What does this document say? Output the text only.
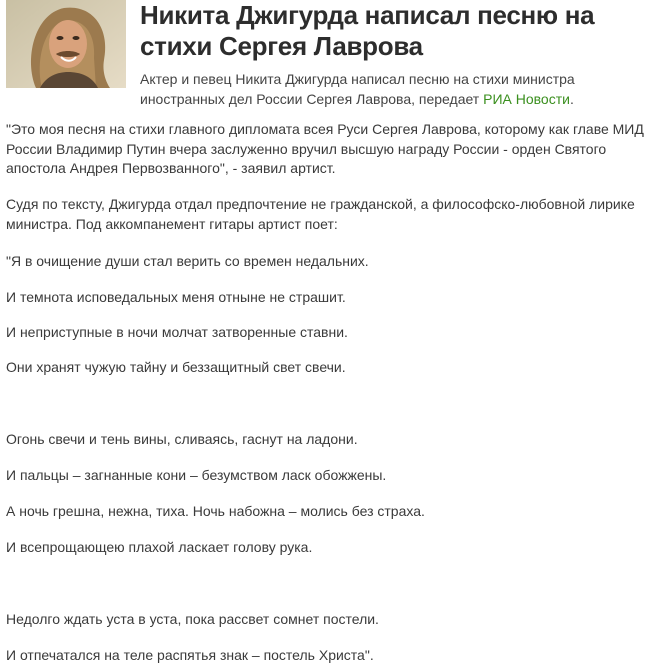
Никита Джигурда написал песню на стихи Сергея Лаврова
Актер и певец Никита Джигурда написал песню на стихи министра иностранных дел России Сергея Лаврова, передает РИА Новости.
"Это моя песня на стихи главного дипломата всея Руси Сергея Лаврова, которому как главе МИД России Владимир Путин вчера заслуженно вручил высшую награду России - орден Святого апостола Андрея Первозванного", - заявил артист.
Судя по тексту, Джигурда отдал предпочтение не гражданской, а философско-любовной лирике министра. Под аккомпанемент гитары артист поет:
"Я в очищение души стал верить со времен недальних.
И темнота исповедальных меня отныне не страшит.
И неприступные в ночи молчат затворенные ставни.
Они хранят чужую тайну и беззащитный свет свечи.
Огонь свечи и тень вины, сливаясь, гаснут на ладони.
И пальцы – загнанные кони – безумством ласк обожжены.
А ночь грешна, нежна, тиха. Ночь набожна – молись без страха.
И всепрощающею плахой ласкает голову рука.
Недолго ждать уста в уста, пока рассвет сомнет постели.
И отпечатался на теле распятья знак – постель Христа".
